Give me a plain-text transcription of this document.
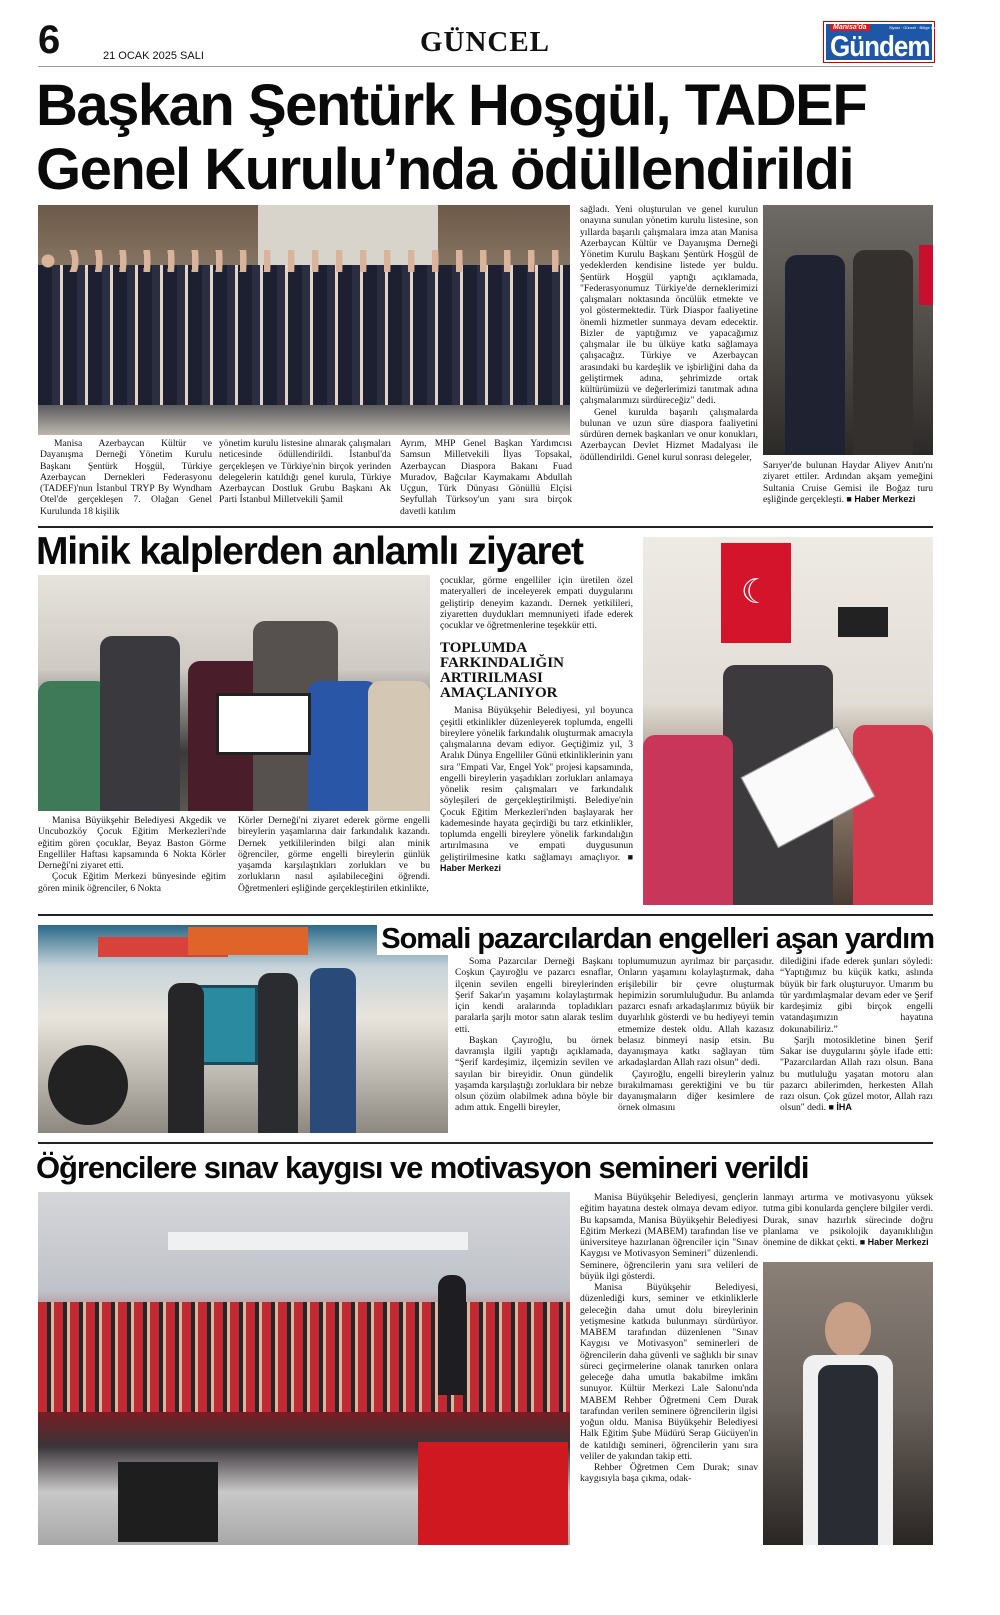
6	21 OCAK 2025 SALI	GÜNCEL	Manisa'da
Gündem
Siyasi · Güncel · Bölge Gazetesi
Başkan Şentürk Hoşgül, TADEF
Genel Kurulu’nda ödüllendirildi

sağladı. Yeni oluşturulan ve genel kurulun onayına sunulan yönetim kurulu listesine, son yıllarda başarılı çalışmalara imza atan Manisa Azerbaycan Kültür ve Dayanışma Derneği Yönetim Kurulu Başkanı Şentürk Hoşgül de yedeklerden kendisine listede yer buldu. Şentürk Hoşgül yaptığı açıklamada, "Federasyonumuz Türkiye'de derneklerimizi çalışmaları noktasında öncülük etmekte ve yol göstermektedir. Türk Diaspor faaliyetine önemli hizmetler sunmaya devam edecektir. Bizler de yaptığımız ve yapacağımız çalışmalar ile bu ülküye katkı sağlamaya çalışacağız. Türkiye ve Azerbaycan arasındaki bu kardeşlik ve işbirliğini daha da geliştirmek adına, şehrimizde ortak kültürümüzü ve değerlerimizi tanıtmak adına çalışmalarımızı sürdüreceğiz" dedi.

Genel kurulda başarılı çalışmalarda bulunan ve uzun süre diaspora faaliyetini sürdüren dernek başkanları ve onur konukları, Azerbaycan Devlet Hizmet Madalyası ile ödüllendirildi. Genel kurul sonrası delegeler,

Sarıyer'de bulunan Haydar Aliyev Anıtı'nı ziyaret ettiler. Ardından akşam yemeğini Sultania Cruise Gemisi ile Boğaz turu eşliğinde gerçekleşti. ■ Haber Merkezi

Manisa Azerbaycan Kültür ve Dayanışma Derneği Yönetim Kurulu Başkanı Şentürk Hoşgül, Türkiye Azerbaycan Dernekleri Federasyonu (TADEF)'nun İstanbul TRYP By Wyndham Otel'de gerçekleşen 7. Olağan Genel Kurulunda 18 kişilik

yönetim kurulu listesine alınarak çalışmaları neticesinde ödüllendirildi. İstanbul'da gerçekleşen ve Türkiye'nin birçok yerinden delegelerin katıldığı genel kurula, Türkiye Azerbaycan Dostluk Grubu Başkanı Ak Parti İstanbul Milletvekili Şamil

Ayrım, MHP Genel Başkan Yardımcısı Samsun Milletvekili İlyas Topsakal, Azerbaycan Diaspora Bakanı Fuad Muradov, Bağcılar Kaymakamı Abdullah Uçgun, Türk Dünyası Gönüllü Elçisi Seyfullah Türksoy'un yanı sıra birçok davetli katılım

Minik kalplerden anlamlı ziyaret

Manisa Büyükşehir Belediyesi Akgedik ve Uncubozköy Çocuk Eğitim Merkezleri'nde eğitim gören çocuklar, Beyaz Baston Görme Engelliler Haftası kapsamında 6 Nokta Körler Derneği'ni ziyaret etti.

Çocuk Eğitim Merkezi bünyesinde eğitim gören minik öğrenciler, 6 Nokta

Körler Derneği'ni ziyaret ederek görme engelli bireylerin yaşamlarına dair farkındalık kazandı. Dernek yetkililerinden bilgi alan minik öğrenciler, görme engelli bireylerin günlük yaşamda karşılaştıkları zorlukları ve bu zorlukların nasıl aşılabileceğini öğrendi. Öğretmenleri eşliğinde gerçekleştirilen etkinlikte,

çocuklar, görme engelliler için üretilen özel materyalleri de inceleyerek empati duygularını geliştirip deneyim kazandı. Dernek yetkilileri, ziyaretten duydukları memnuniyeti ifade ederek çocuklar ve öğretmenlerine teşekkür etti.

TOPLUMDA FARKINDALIĞIN ARTIRILMASI AMAÇLANIYOR

Manisa Büyükşehir Belediyesi, yıl boyunca çeşitli etkinlikler düzenleyerek toplumda, engelli bireylere yönelik farkındalık oluşturmak amacıyla çalışmalarına devam ediyor. Geçtiğimiz yıl, 3 Aralık Dünya Engelliler Günü etkinliklerinin yanı sıra "Empati Var, Engel Yok" projesi kapsamında, engelli bireylerin yaşadıkları zorlukları anlamaya yönelik resim çalışmaları ve farkındalık söyleşileri de gerçekleştirilmişti. Belediye'nin Çocuk Eğitim Merkezleri'nden başlayarak her kademesinde hayata geçirdiği bu tarz etkinlikler, toplumda engelli bireylere yönelik farkındalığın artırılmasına ve empati duygusunun geliştirilmesine katkı sağlamayı amaçlıyor. ■ Haber Merkezi

☾
Somali pazarcılardan engelleri aşan yardım

Soma Pazarcılar Derneği Başkanı Coşkun Çayıroğlu ve pazarcı esnaflar, ilçenin sevilen engelli bireylerinden Şerif Sakar'ın yaşamını kolaylaştırmak için kendi aralarında topladıkları paralarla şarjlı motor satın alarak teslim etti.

Başkan Çayıroğlu, bu örnek davranışla ilgili yaptığı açıklamada, “Şerif kardeşimiz, ilçemizin sevilen ve sayılan bir bireyidir. Onun gündelik yaşamda karşılaştığı zorluklara bir nebze olsun çözüm olabilmek adına böyle bir adım attık. Engelli bireyler,

toplumumuzun ayrılmaz bir parçasıdır. Onların yaşamını kolaylaştırmak, daha erişilebilir bir çevre oluşturmak hepimizin sorumluluğudur. Bu anlamda pazarcı esnafı arkadaşlarımız büyük bir duyarlılık gösterdi ve bu hediyeyi temin etmemize destek oldu. Allah kazasız belasız binmeyi nasip etsin. Bu dayanışmaya katkı sağlayan tüm arkadaşlardan Allah razı olsun” dedi.

Çayıroğlu, engelli bireylerin yalnız bırakılmaması gerektiğini ve bu tür dayanışmaların diğer kesimlere de örnek olmasını

dilediğini ifade ederek şunları söyledi: “Yaptığımız bu küçük katkı, aslında büyük bir fark oluşturuyor. Umarım bu tür yardımlaşmalar devam eder ve Şerif kardeşimiz gibi birçok engelli vatandaşımızın hayatına dokunabiliriz.”

Şarjlı motosikletine binen Şerif Sakar ise duygularını şöyle ifade etti: "Pazarcılardan Allah razı olsun. Bana bu mutluluğu yaşatan motoru alan pazarcı abilerimden, herkesten Allah razı olsun. Çok güzel motor, Allah razı olsun" dedi. ■ İHA

Öğrencilere sınav kaygısı ve motivasyon semineri verildi

Manisa Büyükşehir Belediyesi, gençlerin eğitim hayatına destek olmaya devam ediyor. Bu kapsamda, Manisa Büyükşehir Belediyesi Eğitim Merkezi (MABEM) tarafından lise ve üniversiteye hazırlanan öğrenciler için "Sınav Kaygısı ve Motivasyon Semineri" düzenlendi. Seminere, öğrencilerin yanı sıra velileri de büyük ilgi gösterdi.

Manisa Büyükşehir Belediyesi, düzenlediği kurs, seminer ve etkinliklerle geleceğin daha umut dolu bireylerinin yetişmesine katkıda bulunmayı sürdürüyor. MABEM tarafından düzenlenen "Sınav Kaygısı ve Motivasyon" seminerleri de öğrencilerin daha güvenli ve sağlıklı bir sınav süreci geçirmelerine olanak tanırken onlara geleceğe daha umutla bakabilme imkânı sunuyor. Kültür Merkezi Lale Salonu'nda MABEM Rehber Öğretmeni Cem Durak tarafından verilen seminere öğrencilerin ilgisi yoğun oldu. Manisa Büyükşehir Belediyesi Halk Eğitim Şube Müdürü Serap Gücüyen'in de katıldığı semineri, öğrencilerin yanı sıra veliler de yakından takip etti.

Rehber Öğretmen Cem Durak; sınav kaygısıyla başa çıkma, odak-

lanmayı artırma ve motivasyonu yüksek tutma gibi konularda gençlere bilgiler verdi. Durak, sınav hazırlık sürecinde doğru planlama ve psikolojik dayanıklılığın önemine de dikkat çekti. ■ Haber Merkezi
